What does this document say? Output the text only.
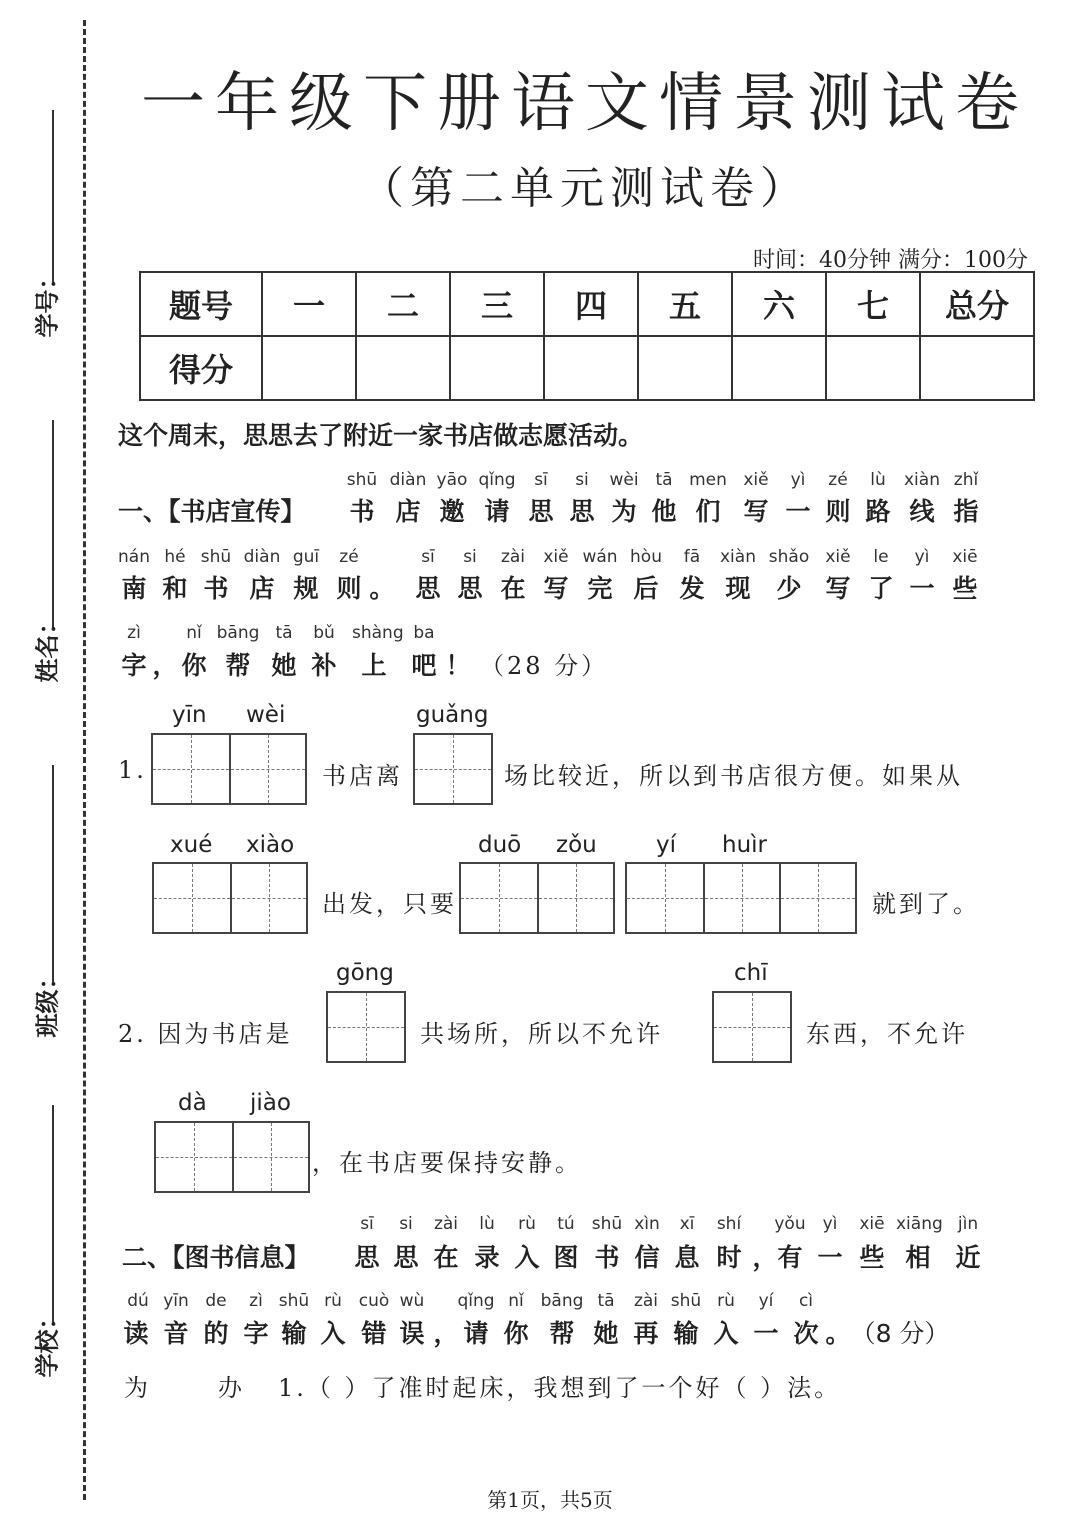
学号：
姓名：
班级：
学校：
一年级下册语文情景测试卷
（第二单元测试卷）
时间：40分钟 满分：100分
题号	一	二	三	四	五	六	七	总分
得分								
这个周末，思思去了附近一家书店做志愿活动。
shū diàn yāo qǐng	sī	si	wèi tā men xiě	yì	zé	lù	xiàn zhǐ
一、【书店宣传】	书 店 邀 请 思 思 为 他 们 写 一 则 路 线 指
nán hé shū diàn guī	zé	sī	si	zài	xiě wán hòu	fā	xiàn shǎo xiě	le	yì	xiē
南 和 书 店 规 则 。 思 思 在 写 完 后 发 现	少 写 了 一 些
zì	nǐ bāng tā	bǔ	shàng ba
字 ， 你 帮 她 补 上 吧 ！ （28 分）
1.
yīn wèi
书店离
guǎng
场比较近，所以到书店很方便。如果从
xué xiào
出发，只要
duō zǒu	yí huìr
就到了。
2. 因为书店是
gōng
共场所，所以不允许
chī
东西，不允许
dà jiào
，在书店要保持安静。
sī	si	zài	lù	rù	tú	shū xìn	xī	shí	yǒu yì	xiē xiāng jìn
二、【图书信息】	思 思 在 录 入 图 书 信 息 时 ， 有 一 些 相 近
dú yīn de	zì shū rù cuò wù	qǐng nǐ bāng tā	zài shū rù	yí	cì
读 音 的 字 输 入 错 误 ， 请 你 帮 她 再 输 入 一 次 。 （8 分）
为	办 1.（ ）了准时起床，我想到了一个好（ ）法。
第1页，共5页
